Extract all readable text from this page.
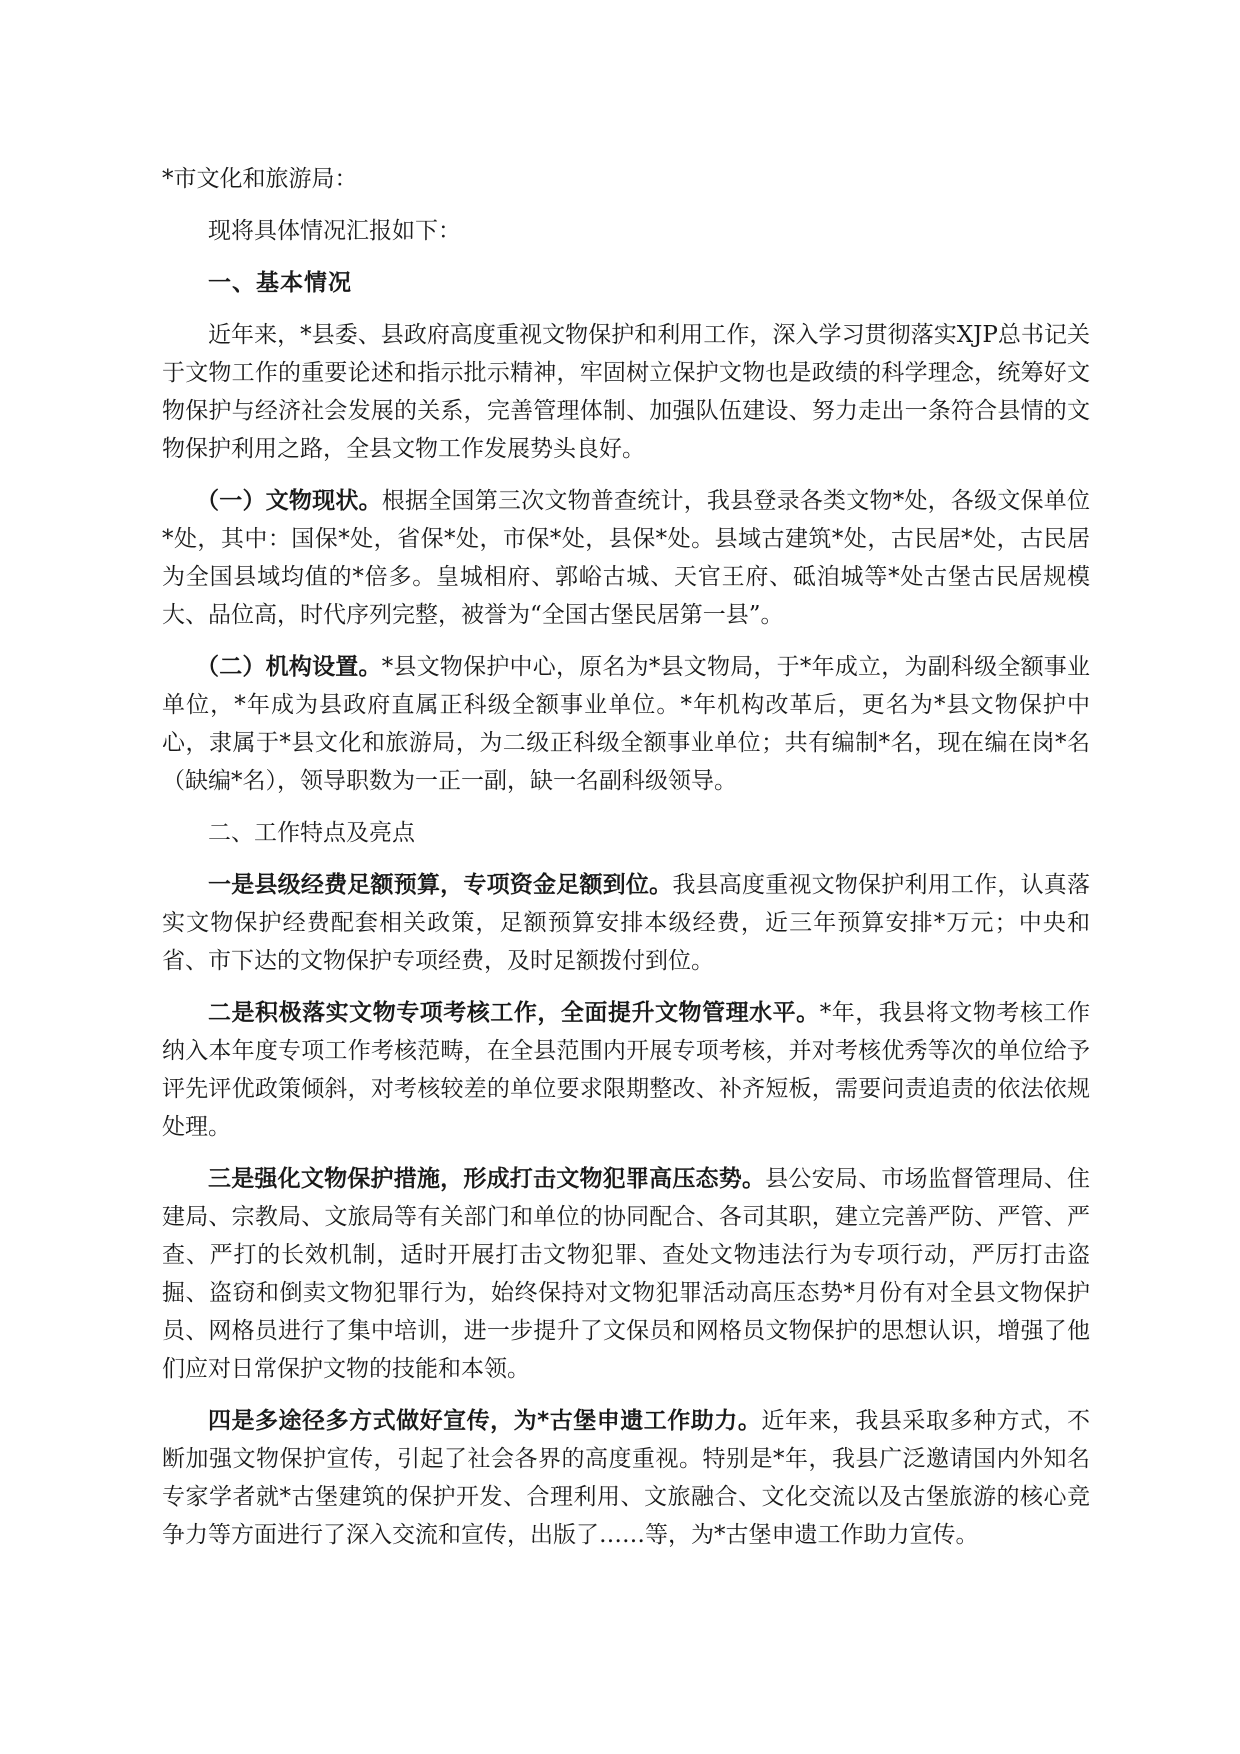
*市文化和旅游局：

现将具体情况汇报如下：

一、基本情况

近年来，*县委、县政府高度重视文物保护和利用工作，深入学习贯彻落实XJP总书记关于文物工作的重要论述和指示批示精神，牢固树立保护文物也是政绩的科学理念，统筹好文物保护与经济社会发展的关系，完善管理体制、加强队伍建设、努力走出一条符合县情的文物保护利用之路，全县文物工作发展势头良好。

（一）文物现状。根据全国第三次文物普查统计，我县登录各类文物*处，各级文保单位*处，其中：国保*处，省保*处，市保*处，县保*处。县域古建筑*处，古民居*处，古民居为全国县域均值的*倍多。皇城相府、郭峪古城、天官王府、砥洎城等*处古堡古民居规模大、品位高，时代序列完整，被誉为“全国古堡民居第一县”。

（二）机构设置。*县文物保护中心，原名为*县文物局，于*年成立，为副科级全额事业单位，*年成为县政府直属正科级全额事业单位。*年机构改革后，更名为*县文物保护中心，隶属于*县文化和旅游局，为二级正科级全额事业单位；共有编制*名，现在编在岗*名（缺编*名），领导职数为一正一副，缺一名副科级领导。

二、工作特点及亮点

一是县级经费足额预算，专项资金足额到位。我县高度重视文物保护利用工作，认真落实文物保护经费配套相关政策，足额预算安排本级经费，近三年预算安排*万元；中央和省、市下达的文物保护专项经费，及时足额拨付到位。

二是积极落实文物专项考核工作，全面提升文物管理水平。*年，我县将文物考核工作纳入本年度专项工作考核范畴，在全县范围内开展专项考核，并对考核优秀等次的单位给予评先评优政策倾斜，对考核较差的单位要求限期整改、补齐短板，需要问责追责的依法依规处理。

三是强化文物保护措施，形成打击文物犯罪高压态势。县公安局、市场监督管理局、住建局、宗教局、文旅局等有关部门和单位的协同配合、各司其职，建立完善严防、严管、严查、严打的长效机制，适时开展打击文物犯罪、查处文物违法行为专项行动，严厉打击盗掘、盗窃和倒卖文物犯罪行为，始终保持对文物犯罪活动高压态势*月份有对全县文物保护员、网格员进行了集中培训，进一步提升了文保员和网格员文物保护的思想认识，增强了他们应对日常保护文物的技能和本领。

四是多途径多方式做好宣传，为*古堡申遗工作助力。近年来，我县采取多种方式，不断加强文物保护宣传，引起了社会各界的高度重视。特别是*年，我县广泛邀请国内外知名专家学者就*古堡建筑的保护开发、合理利用、文旅融合、文化交流以及古堡旅游的核心竞争力等方面进行了深入交流和宣传，出版了……等，为*古堡申遗工作助力宣传。
